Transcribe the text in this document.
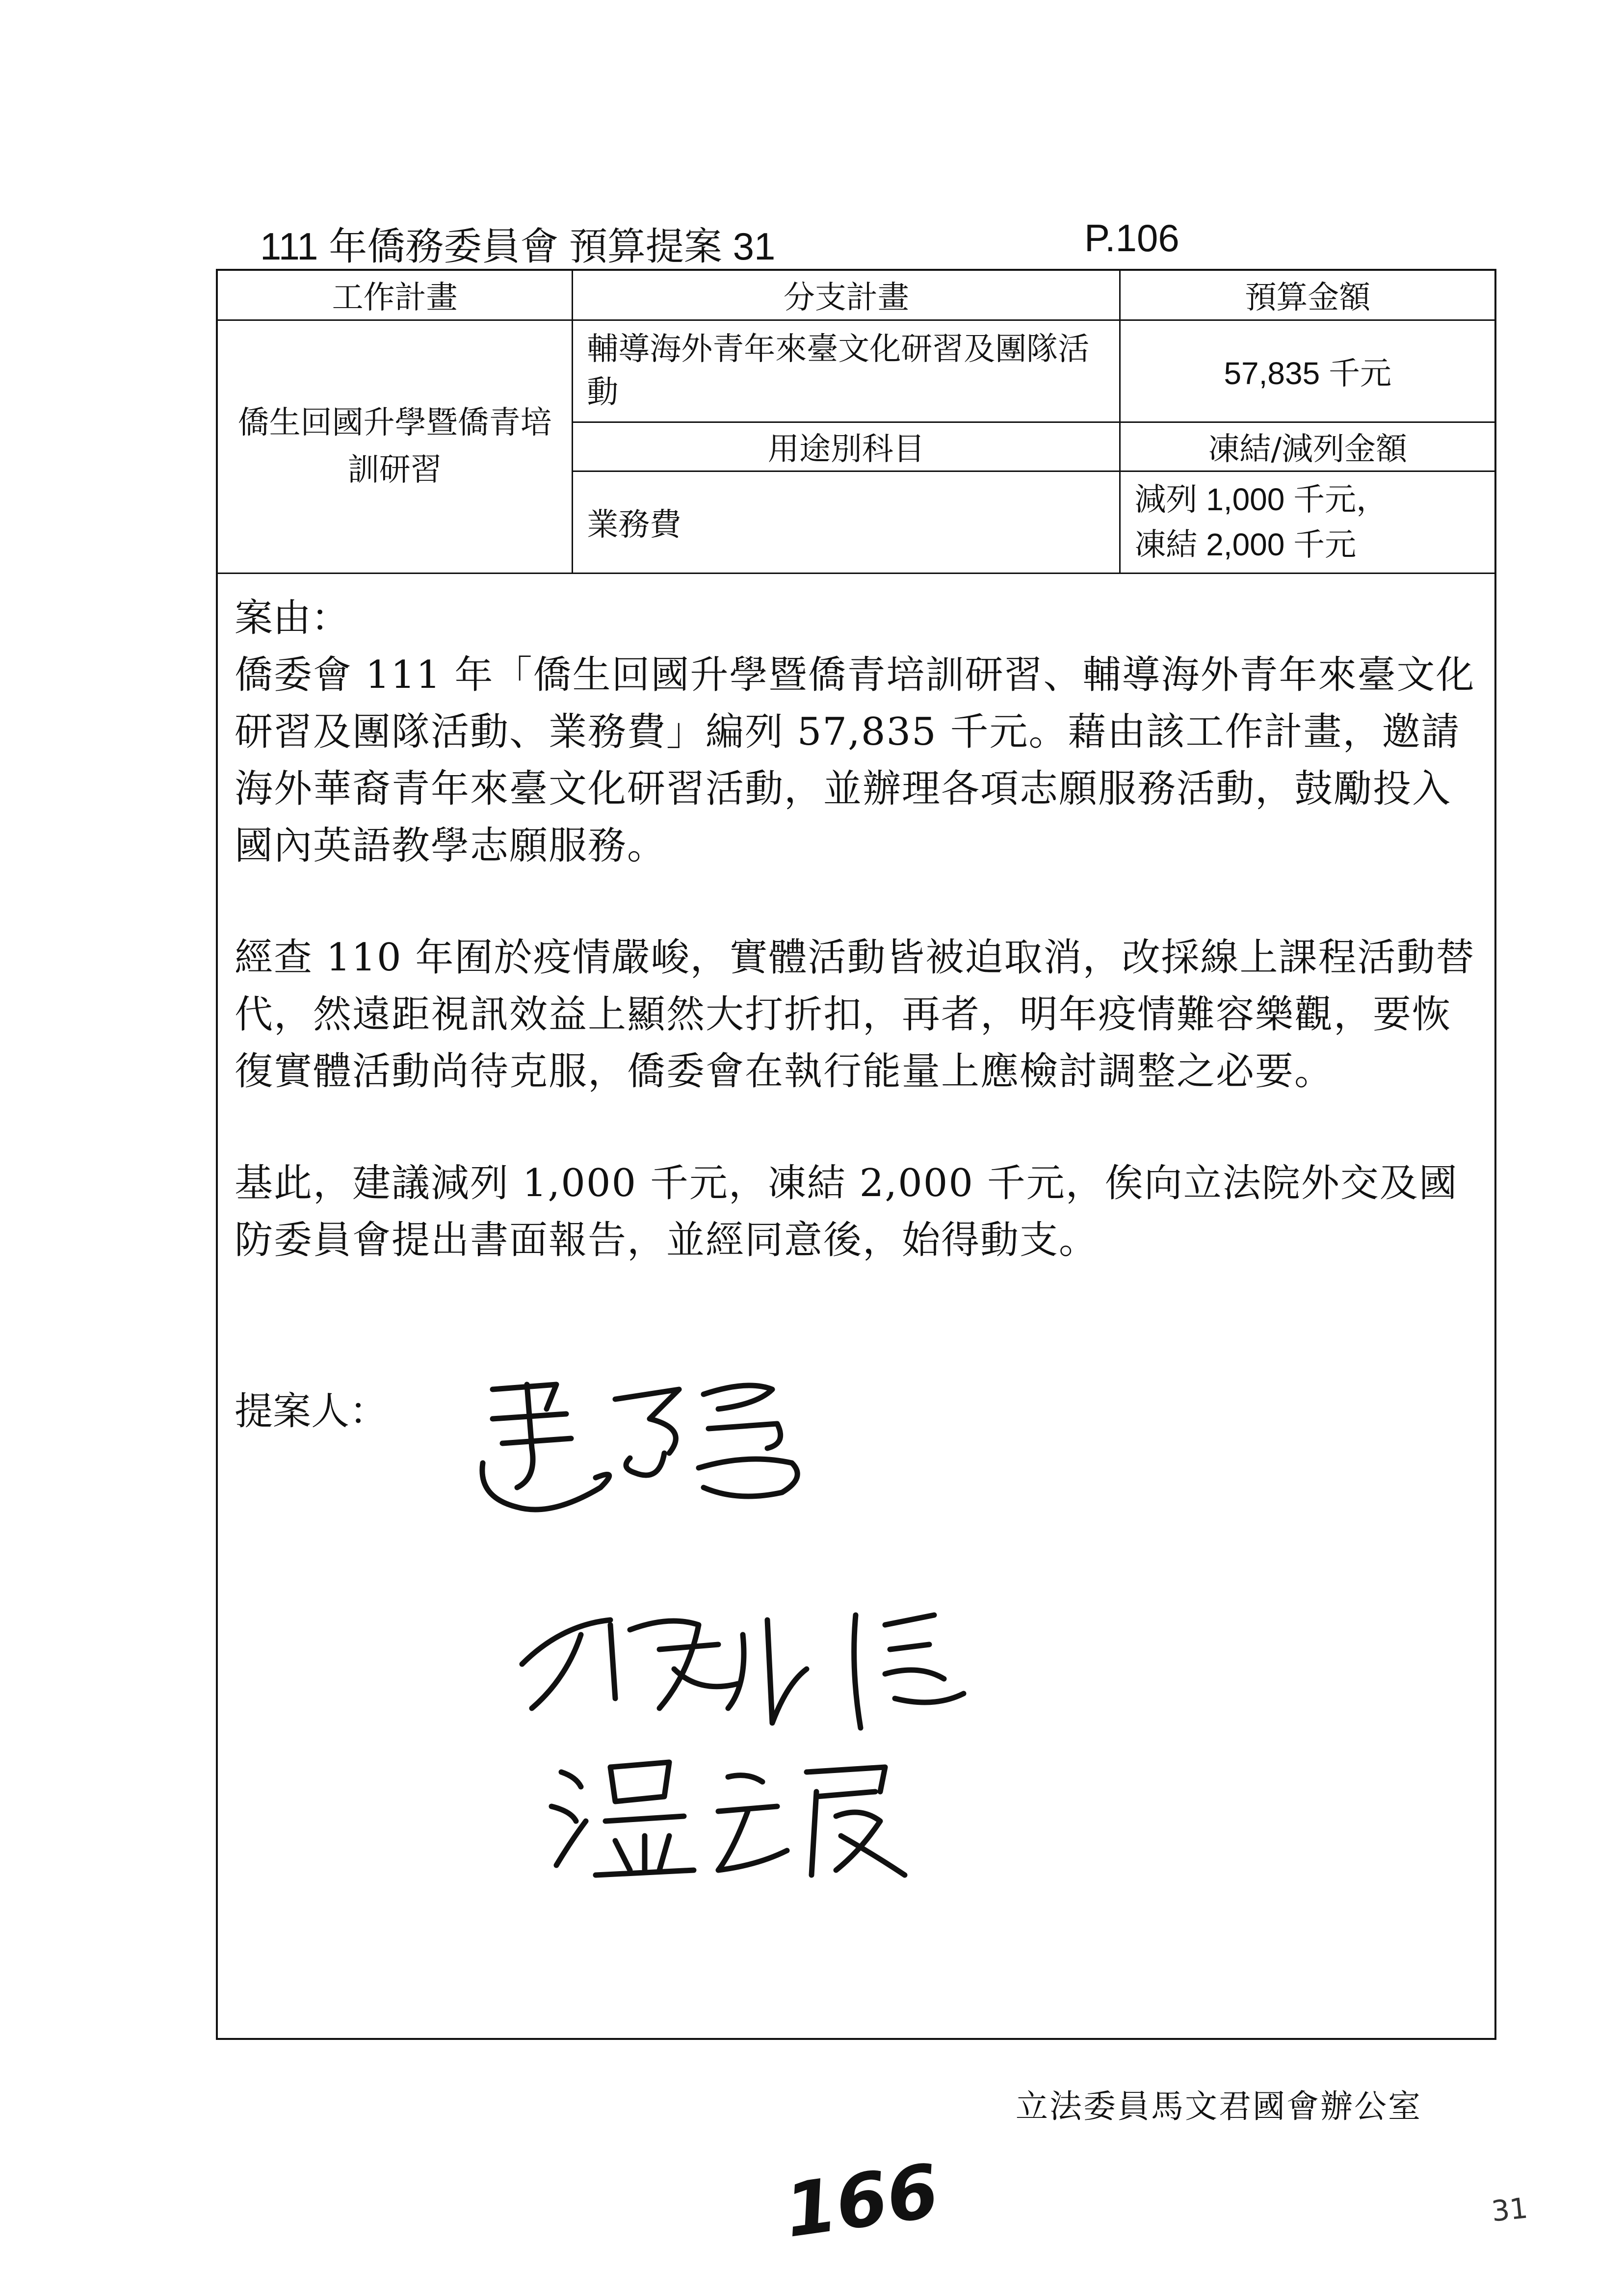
111 年僑務委員會 預算提案 31	P.106
工作計畫	分支計畫	預算金額
僑生回國升學暨僑青培訓研習	輔導海外青年來臺文化研習及團隊活動	57,835 千元
	用途別科目	凍結/減列金額
	業務費	減列 1,000 千元，
凍結 2,000 千元

案由：

僑委會 111 年「僑生回國升學暨僑青培訓研習、輔導海外青年來臺文化研習及團隊活動、業務費」編列 57,835 千元。藉由該工作計畫，邀請海外華裔青年來臺文化研習活動，並辦理各項志願服務活動，鼓勵投入國內英語教學志願服務。

經查 110 年囿於疫情嚴峻，實體活動皆被迫取消，改採線上課程活動替代，然遠距視訊效益上顯然大打折扣，再者，明年疫情難容樂觀，要恢復實體活動尚待克服，僑委會在執行能量上應檢討調整之必要。

基此，建議減列 1,000 千元，凍結 2,000 千元，俟向立法院外交及國防委員會提出書面報告，並經同意後，始得動支。

提案人：
立法委員馬文君國會辦公室
166	31
